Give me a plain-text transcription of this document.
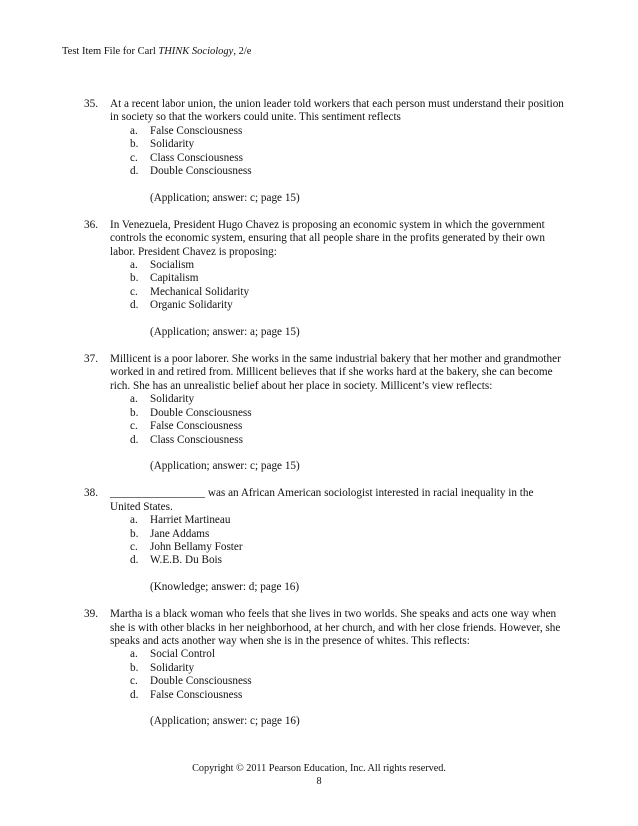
Test Item File for Carl THINK Sociology, 2/e
35.	At a recent labor union, the union leader told workers that each person must understand their position in society so that the workers could unite. This sentiment reflects

a.	False Consciousness
b.	Solidarity
c.	Class Consciousness
d.	Double Consciousness
(Application; answer: c; page 15)
36.	In Venezuela, President Hugo Chavez is proposing an economic system in which the government controls the economic system, ensuring that all people share in the profits generated by their own labor. President Chavez is proposing:

a.	Socialism
b.	Capitalism
c.	Mechanical Solidarity
d.	Organic Solidarity
(Application; answer: a; page 15)
37.	Millicent is a poor laborer. She works in the same industrial bakery that her mother and grandmother worked in and retired from. Millicent believes that if she works hard at the bakery, she can become rich. She has an unrealistic belief about her place in society. Millicent’s view reflects:

a.	Solidarity
b.	Double Consciousness
c.	False Consciousness
d.	Class Consciousness
(Application; answer: c; page 15)
38.	_________________ was an African American sociologist interested in racial inequality in the United States.

a.	Harriet Martineau
b.	Jane Addams
c.	John Bellamy Foster
d.	W.E.B. Du Bois
(Knowledge; answer: d; page 16)
39.	Martha is a black woman who feels that she lives in two worlds. She speaks and acts one way when she is with other blacks in her neighborhood, at her church, and with her close friends. However, she speaks and acts another way when she is in the presence of whites. This reflects:

a.	Social Control
b.	Solidarity
c.	Double Consciousness
d.	False Consciousness
(Application; answer: c; page 16)
Copyright © 2011 Pearson Education, Inc. All rights reserved.
8
